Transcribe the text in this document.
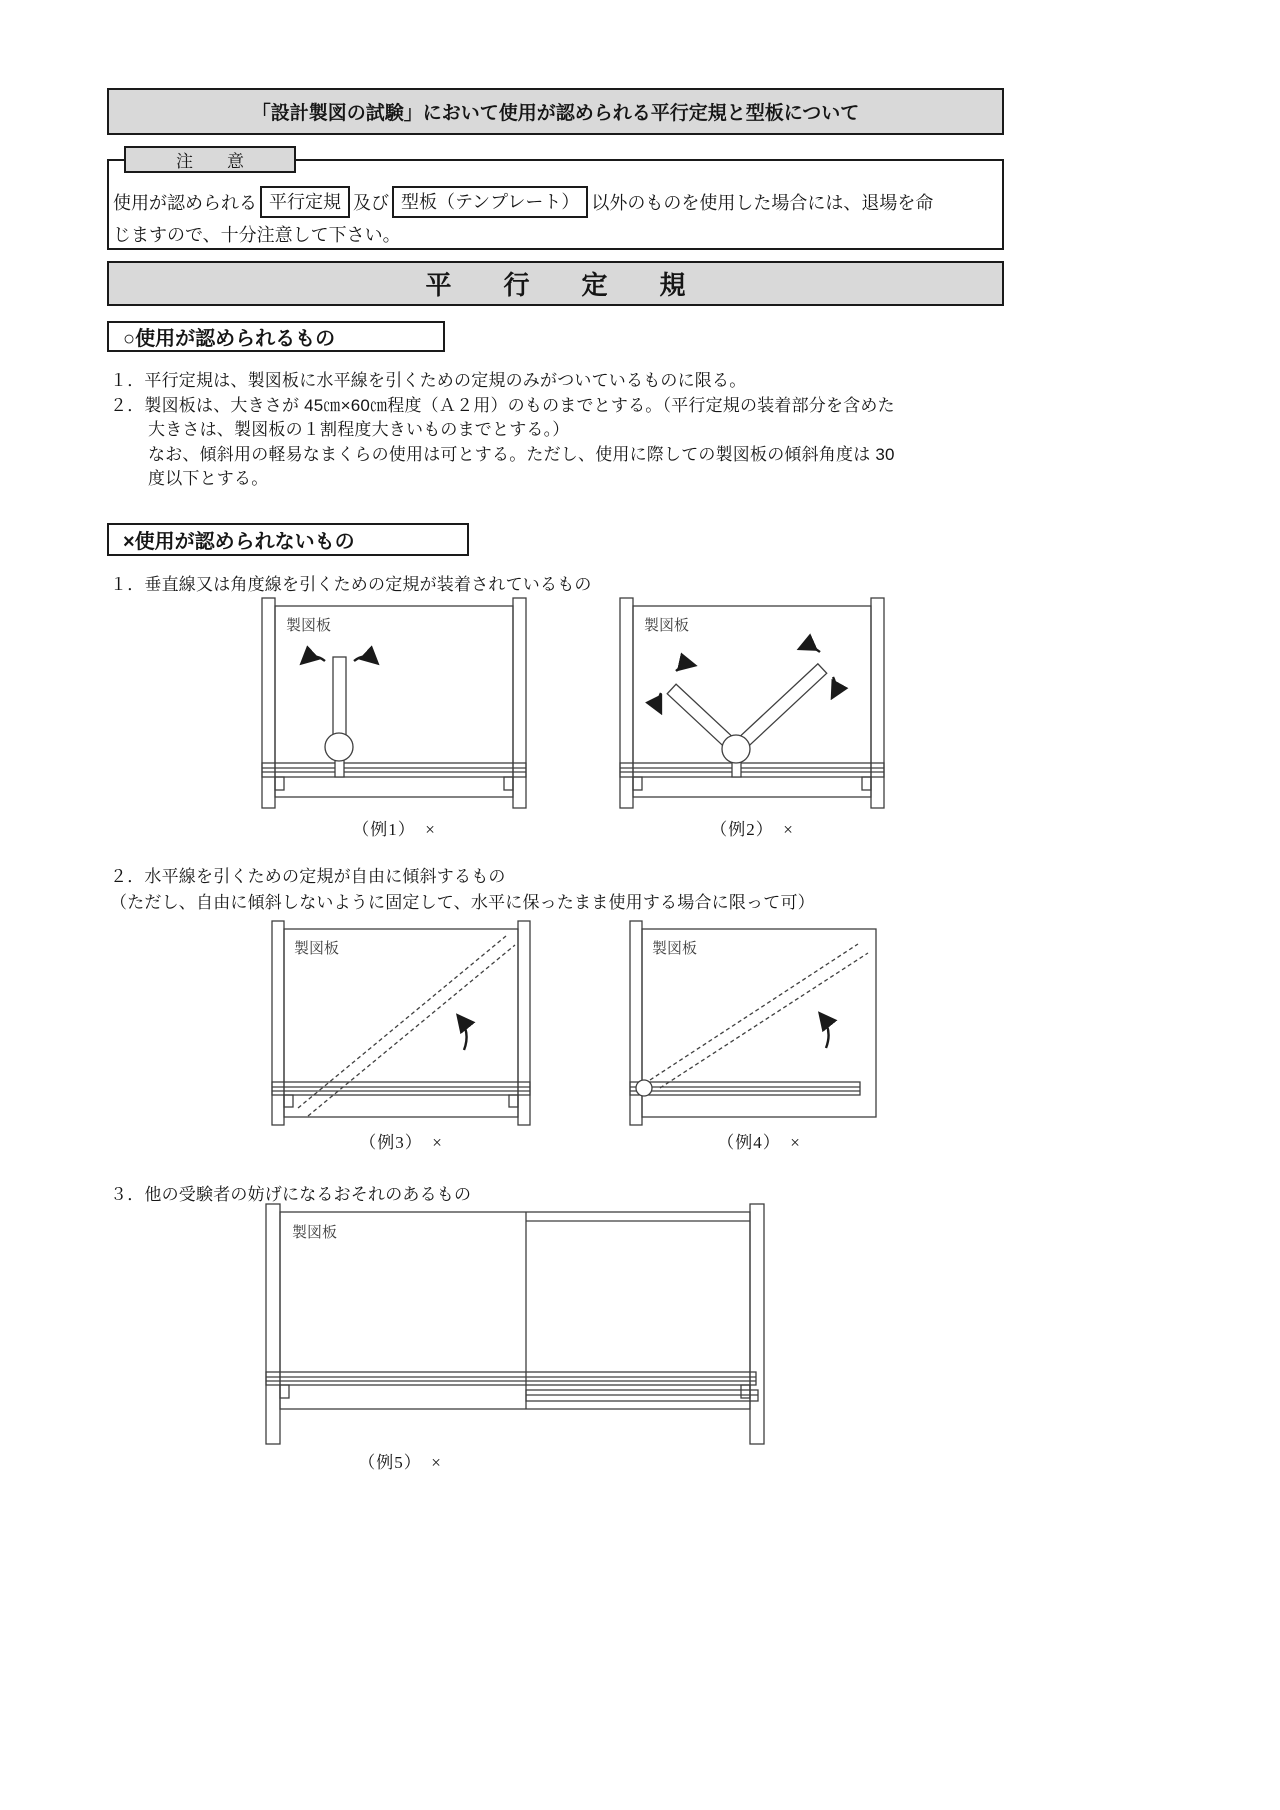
「設計製図の試験」において使用が認められる平行定規と型板について
注　　意
使用が認められる 平行定規 及び 型板（テンプレート） 以外のものを使用した場合には、退場を命
じますので、十分注意して下さい。
平　　行　　定　　規
○使用が認められるもの
１．平行定規は、製図板に水平線を引くための定規のみがついているものに限る。
２．製図板は、大きさが 45㎝×60㎝程度（Ａ２用）のものまでとする。（平行定規の装着部分を含めた
大きさは、製図板の１割程度大きいものまでとする。）
なお、傾斜用の軽易なまくらの使用は可とする。ただし、使用に際しての製図板の傾斜角度は 30
度以下とする。
×使用が認められないもの
１．垂直線又は角度線を引くための定規が装着されているもの
製図板	製図板
（例1）　×	（例2）　×
２．水平線を引くための定規が自由に傾斜するもの
（ただし、自由に傾斜しないように固定して、水平に保ったまま使用する場合に限って可）
製図板	製図板
（例3）　×	（例4）　×
３．他の受験者の妨げになるおそれのあるもの
製図板
（例5）　×
